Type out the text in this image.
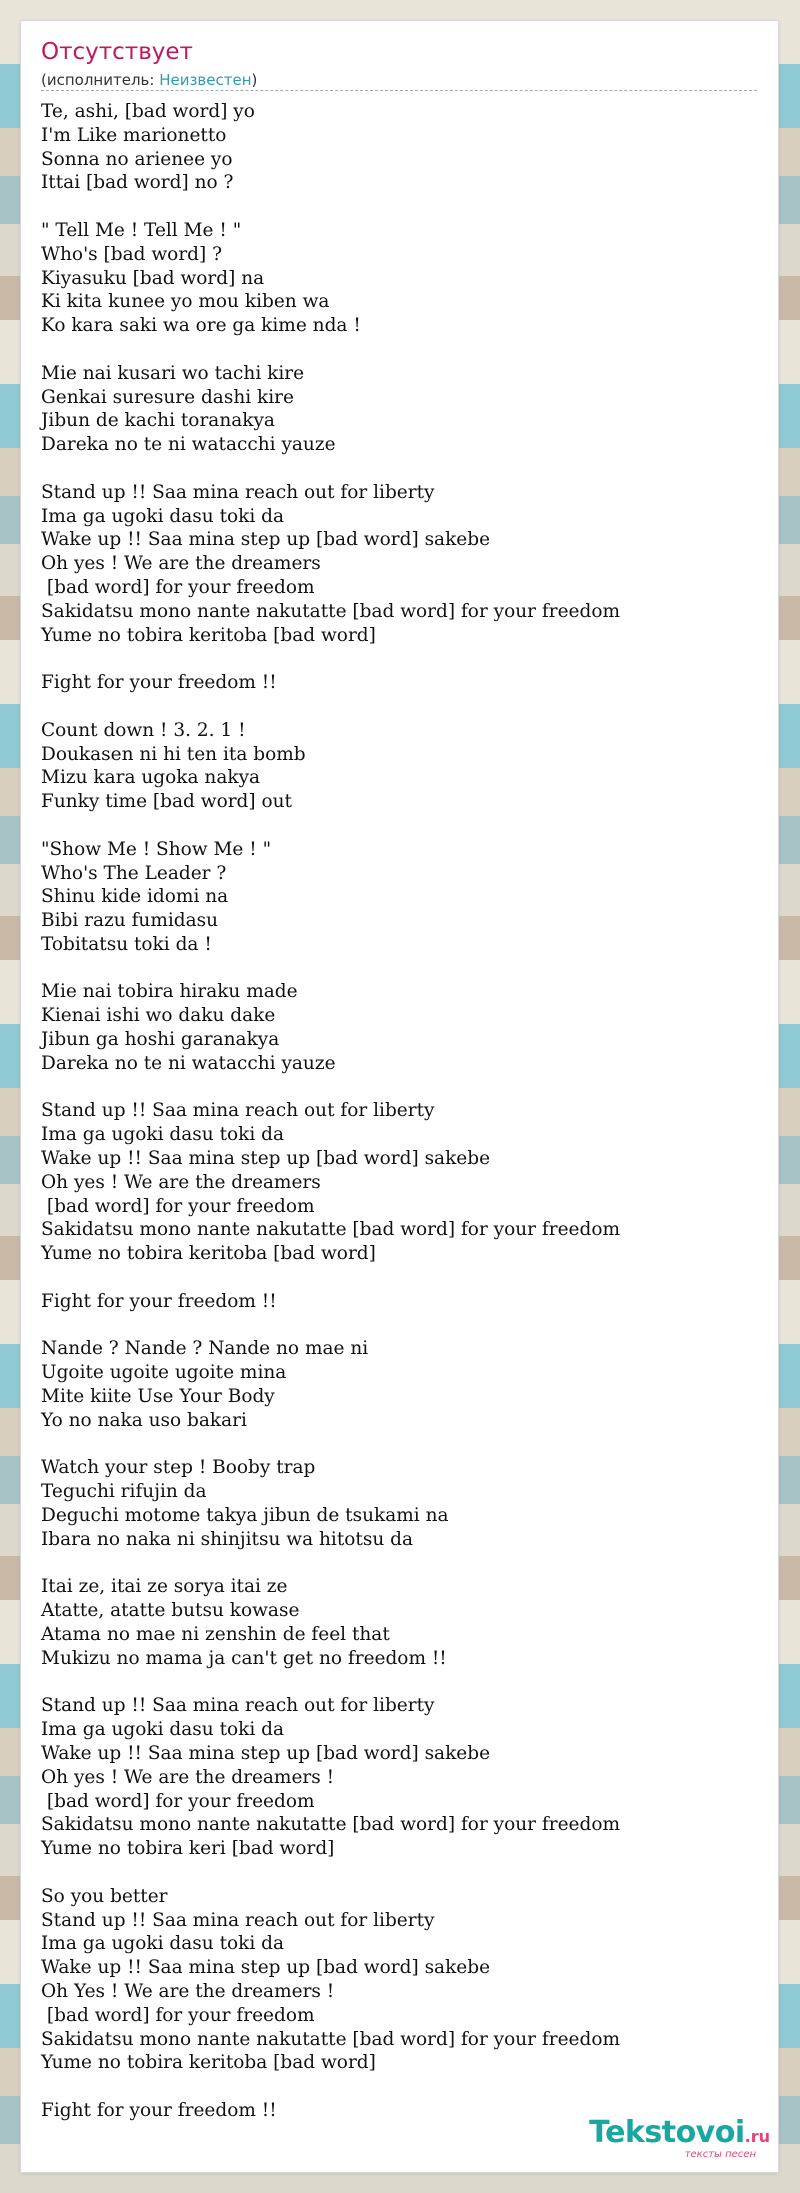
Отсутствует
(исполнитель: Неизвестен)
Te, ashi, [bad word] yo
I'm Like marionetto
Sonna no arienee yo
Ittai [bad word] no ?
" Tell Me ! Tell Me ! "
Who's [bad word] ?
Kiyasuku [bad word] na
Ki kita kunee yo mou kiben wa
Ko kara saki wa ore ga kime nda !
Mie nai kusari wo tachi kire
Genkai suresure dashi kire
Jibun de kachi toranakya
Dareka no te ni watacchi yauze
Stand up !! Saa mina reach out for liberty
Ima ga ugoki dasu toki da
Wake up !! Saa mina step up [bad word] sakebe
Oh yes ! We are the dreamers
[bad word] for your freedom
Sakidatsu mono nante nakutatte [bad word] for your freedom
Yume no tobira keritoba [bad word]
Fight for your freedom !!
Count down ! 3. 2. 1 !
Doukasen ni hi ten ita bomb
Mizu kara ugoka nakya
Funky time [bad word] out
"Show Me ! Show Me ! "
Who's The Leader ?
Shinu kide idomi na
Bibi razu fumidasu
Tobitatsu toki da !
Mie nai tobira hiraku made
Kienai ishi wo daku dake
Jibun ga hoshi garanakya
Dareka no te ni watacchi yauze
Stand up !! Saa mina reach out for liberty
Ima ga ugoki dasu toki da
Wake up !! Saa mina step up [bad word] sakebe
Oh yes ! We are the dreamers
[bad word] for your freedom
Sakidatsu mono nante nakutatte [bad word] for your freedom
Yume no tobira keritoba [bad word]
Fight for your freedom !!
Nande ? Nande ? Nande no mae ni
Ugoite ugoite ugoite mina
Mite kiite Use Your Body
Yo no naka uso bakari
Watch your step ! Booby trap
Teguchi rifujin da
Deguchi motome takya jibun de tsukami na
Ibara no naka ni shinjitsu wa hitotsu da
Itai ze, itai ze sorya itai ze
Atatte, atatte butsu kowase
Atama no mae ni zenshin de feel that
Mukizu no mama ja can't get no freedom !!
Stand up !! Saa mina reach out for liberty
Ima ga ugoki dasu toki da
Wake up !! Saa mina step up [bad word] sakebe
Oh yes ! We are the dreamers !
[bad word] for your freedom
Sakidatsu mono nante nakutatte [bad word] for your freedom
Yume no tobira keri [bad word]
So you better
Stand up !! Saa mina reach out for liberty
Ima ga ugoki dasu toki da
Wake up !! Saa mina step up [bad word] sakebe
Oh Yes ! We are the dreamers !
[bad word] for your freedom
Sakidatsu mono nante nakutatte [bad word] for your freedom
Yume no tobira keritoba [bad word]
Fight for your freedom !!
Tekstovoi.ru
тексты песен
